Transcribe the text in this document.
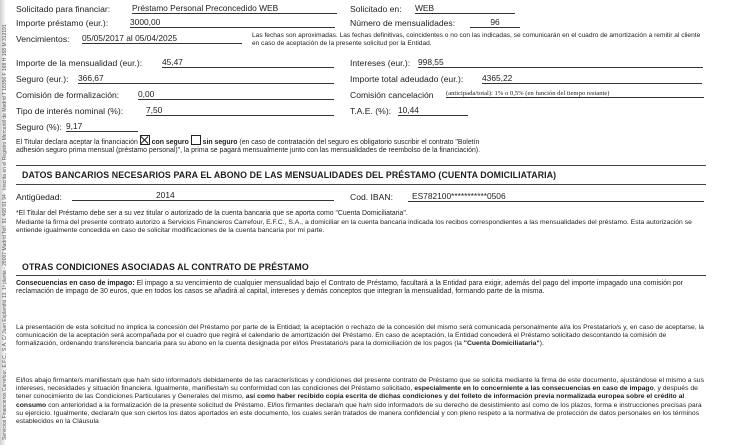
Servicios Financieros Carrefour, E.F.C., S.A. C/ Juan Esplandiú 13, 1ª planta - 28007 Madrid Telf. 91 468 91 94   Inscrita en el Registro Mercantil de Madrid T 18356 F 168 H 168 M 312191
Solicitado para financiar:	Préstamo Personal Preconcedido WEB	Solicitado en: WEB
Importe préstamo (eur.):	3000,00	Número de mensualidades:	96
Vencimientos: 05/05/2017 al 05/04/2025	Las fechas son aproximadas. Las fechas definitivas, coincidentes o no con las indicadas, se comunicarán en el cuadro de amortización a remitir al cliente en caso de aceptación de la presente solicitud por la Entidad.
Importe de la mensualidad (eur.): 45,47	Intereses (eur.): 998,55
Seguro (eur.): 366,67	Importe total adeudado (eur.): 4365,22
Comisión de formalización: 0,00	Comisión cancelación (anticipada/total): 1% o 0,5% (en función del tiempo restante)
Tipo de interés nominal (%):	7,50	T.A.E. (%): 10,44
Seguro (%): 9,17
El Titular declara aceptar la financiación con seguro sin seguro (en caso de contratación del seguro es obligatorio suscribir el contrato "Boletín
adhesión seguro prima mensual (préstamo personal)", la prima se pagará mensualmente junto con las mensualidades de reembolso de la financiación).
DATOS BANCARIOS NECESARIOS PARA EL ABONO DE LAS MENSUALIDADES DEL PRÉSTAMO (CUENTA DOMICILIATARIA)
Antigüedad:	2014	Cod. IBAN:	ES782100***********0506
*El Titular del Préstamo debe ser a su vez titular o autorizado de la cuenta bancaria que se aporta como "Cuenta Domiciliataria".
Mediante la firma del presente contrato autorizo a Servicios Financieros Carrefour, E.F.C., S.A., a domiciliar en la cuenta bancaria indicada los recibos correspondientes a las mensualidades del préstamo. Esta autorización se entiende igualmente concedida en caso de solicitar modificaciones de la cuenta bancaria por mí parte.
OTRAS CONDICIONES ASOCIADAS AL CONTRATO DE PRÉSTAMO
Consecuencias en caso de impago: El impago a su vencimiento de cualquier mensualidad bajo el Contrato de Préstamo, facultará a la Entidad para exigir, además del pago del importe impagado una comisión por reclamación de impago de 30 euros, que en todos los casos se añadirá al capital, intereses y demás conceptos que integran la mensualidad, formando parte de la misma.
La presentación de esta solicitud no implica la concesión del Préstamo por parte de la Entidad; la aceptación o rechazo de la concesión del mismo será comunicada personalmente al/a los Prestatario/s y, en caso de aceptarse, la comunicación de la aceptación será acompañada por el cuadro que regirá el calendario de amortización del Préstamo. En caso de aceptación, la Entidad concederá el Préstamo solicitado descontando la comisión de formalización, ordenando transferencia bancaria para su abono en la cuenta designada por el/los Prestatario/s para la domiciliación de los pagos (la "Cuenta Domiciliataria").
El/los abajo firmante/s manifiesta/n que ha/n sido informado/s debidamente de las características y condiciones del presente contrato de Préstamo que se solicita mediante la firma de este documento, ajustándose el mismo a sus intereses, necesidades y situación financiera. Igualmente, manifiesta/n su conformidad con las condiciones del Préstamo solicitado, especialmente en lo concerniente a las consecuencias en caso de impago, y después de tener conocimiento de las Condiciones Particulares y Generales del mismo, así como haber recibido copia escrita de dichas condiciones y del folleto de información previa normalizada europea sobre el crédito al consumo con anterioridad a la formalización de la presente solicitud de Préstamo. El/los firmantes declara/n que ha/n sido informado/s de su derecho de desistimiento así como de los plazos, forma e instrucciones precisas para su ejercicio. Igualmente, declara/n que son ciertos los datos aportados en este documento, los cuales serán tratados de manera confidencial y con pleno respeto a la normativa de protección de datos personales en los términos establecidos en la Cláusula
